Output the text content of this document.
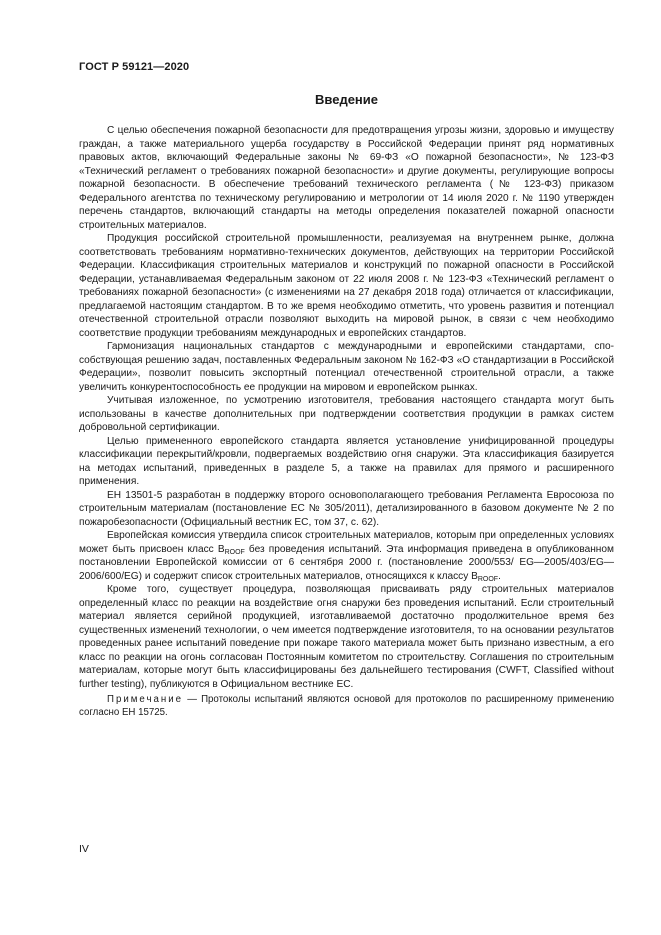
ГОСТ Р 59121—2020
Введение

С целью обеспечения пожарной безопасности для предотвращения угрозы жизни, здоровью и имуществу граждан, а также материального ущерба государству в Российской Федерации принят ряд нормативных правовых актов, включающий Федеральные законы № 69-ФЗ «О пожарной безопасности», № 123-ФЗ «Технический регламент о требованиях пожарной безопасности» и другие документы, регулирующие вопросы пожарной безопасности. В обеспечение требований технического регламента (№ 123-ФЗ) приказом Федерального агентства по техническому регулированию и метрологии от 14 июля 2020 г. № 1190 утвержден перечень стандартов, включающий стандарты на методы определения показателей пожарной опасности строительных материалов.

Продукция российской строительной промышленности, реализуемая на внутреннем рынке, должна соответствовать требованиям нормативно-технических документов, действующих на территории Российской Федерации. Классификация строительных материалов и конструкций по пожарной опасности в Российской Федерации, устанавливаемая Федеральным законом от 22 июля 2008 г. № 123-ФЗ «Технический регламент о требованиях пожарной безопасности» (с изменениями на 27 декабря 2018 года) отличается от классификации, предлагаемой настоящим стандартом. В то же время необходимо отметить, что уровень развития и потенциал отечественной строительной отрасли позволяют выходить на мировой рынок, в связи с чем необходимо соответствие продукции требованиям международных и европейских стандартов.

Гармонизация национальных стандартов с международными и европейскими стандартами, способствующая решению задач, поставленных Федеральным законом № 162-ФЗ «О стандартизации в Российской Федерации», позволит повысить экспортный потенциал отечественной строительной отрасли, а также увеличить конкурентоспособность ее продукции на мировом и европейском рынках.

Учитывая изложенное, по усмотрению изготовителя, требования настоящего стандарта могут быть использованы в качестве дополнительных при подтверждении соответствия продукции в рамках систем добровольной сертификации.

Целью примененного европейского стандарта является установление унифицированной процедуры классификации перекрытий/кровли, подвергаемых воздействию огня снаружи. Эта классификация базируется на методах испытаний, приведенных в разделе 5, а также на правилах для прямого и расширенного применения.

ЕН 13501-5 разработан в поддержку второго основополагающего требования Регламента Евросоюза по строительным материалам (постановление ЕС № 305/2011), детализированного в базовом документе № 2 по пожаробезопасности (Официальный вестник ЕС, том 37, с. 62).

Европейская комиссия утвердила список строительных материалов, которым при определенных условиях может быть присвоен класс $B_{ROOF}$ без проведения испытаний. Эта информация приведена в опубликованном постановлении Европейской комиссии от 6 сентября 2000 г. (постановление 2000/553/ EG—2005/403/EG—2006/600/EG) и содержит список строительных материалов, относящихся к классу $B_{ROOF}$.

Кроме того, существует процедура, позволяющая присваивать ряду строительных материалов определенный класс по реакции на воздействие огня снаружи без проведения испытаний. Если строительный материал является серийной продукцией, изготавливаемой достаточно продолжительное время без существенных изменений технологии, о чем имеется подтверждение изготовителя, то на основании результатов проведенных ранее испытаний поведение при пожаре такого материала может быть признано известным, а его класс по реакции на огонь согласован Постоянным комитетом по строительству. Соглашения по строительным материалам, которые могут быть классифицированы без дальнейшего тестирования (CWFT, Classified without further testing), публикуются в Официальном вестнике ЕС.

Примечание — Протоколы испытаний являются основой для протоколов по расширенному применению согласно ЕН 15725.

IV
